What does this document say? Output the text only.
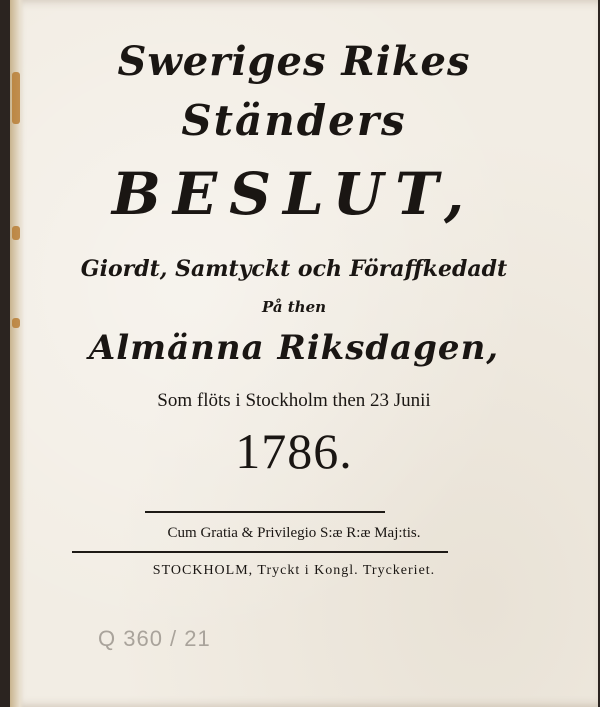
Sweriges Rikes
Ständers
BESLUT,
Giordt, Samtyckt och Föraffkedadt
På then
Almänna Riksdagen,
Som flöts i Stockholm then 23 Junii
1786.
Cum Gratia & Privilegio S:æ R:æ Maj:tis.
STOCKHOLM, Tryckt i Kongl. Tryckeriet.
Q 360 / 21
